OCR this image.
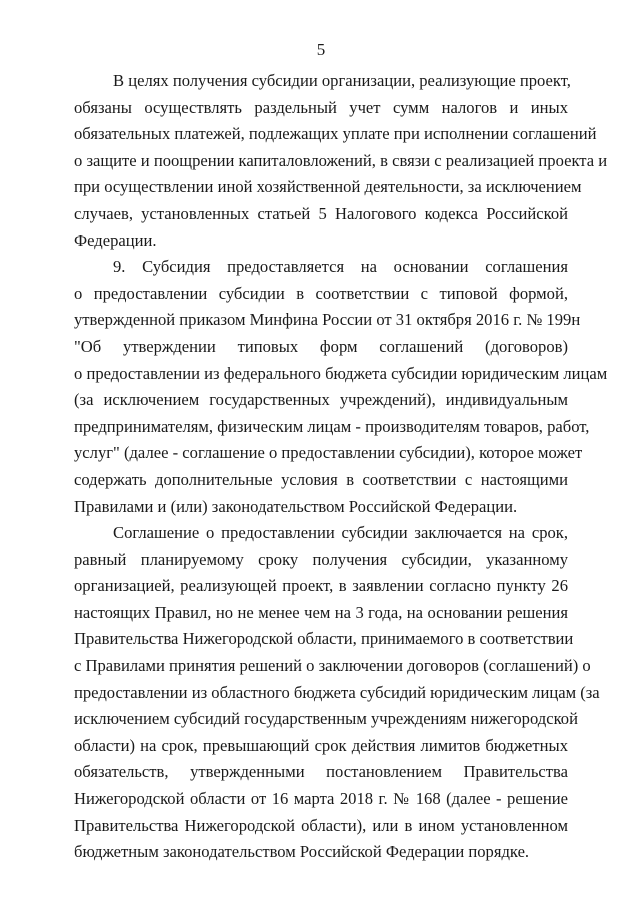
5
В целях получения субсидии организации, реализующие проект,
обязаны осуществлять раздельный учет сумм налогов и иных
обязательных платежей, подлежащих уплате при исполнении соглашений
о защите и поощрении капиталовложений, в связи с реализацией проекта и
при осуществлении иной хозяйственной деятельности, за исключением
случаев, установленных статьей 5 Налогового кодекса Российской
Федерации.
9. Субсидия предоставляется на основании соглашения
о предоставлении субсидии в соответствии с типовой формой,
утвержденной приказом Минфина России от 31 октября 2016 г. № 199н
"Об утверждении типовых форм соглашений (договоров)
о предоставлении из федерального бюджета субсидии юридическим лицам
(за исключением государственных учреждений), индивидуальным
предпринимателям, физическим лицам - производителям товаров, работ,
услуг" (далее - соглашение о предоставлении субсидии), которое может
содержать дополнительные условия в соответствии с настоящими
Правилами и (или) законодательством Российской Федерации.
Соглашение о предоставлении субсидии заключается на срок,
равный планируемому сроку получения субсидии, указанному
организацией, реализующей проект, в заявлении согласно пункту 26
настоящих Правил, но не менее чем на 3 года, на основании решения
Правительства Нижегородской области, принимаемого в соответствии
с Правилами принятия решений о заключении договоров (соглашений) о
предоставлении из областного бюджета субсидий юридическим лицам (за
исключением субсидий государственным учреждениям нижегородской
области) на срок, превышающий срок действия лимитов бюджетных
обязательств, утвержденными постановлением Правительства
Нижегородской области от 16 марта 2018 г. № 168 (далее - решение
Правительства Нижегородской области), или в ином установленном
бюджетным законодательством Российской Федерации порядке.
